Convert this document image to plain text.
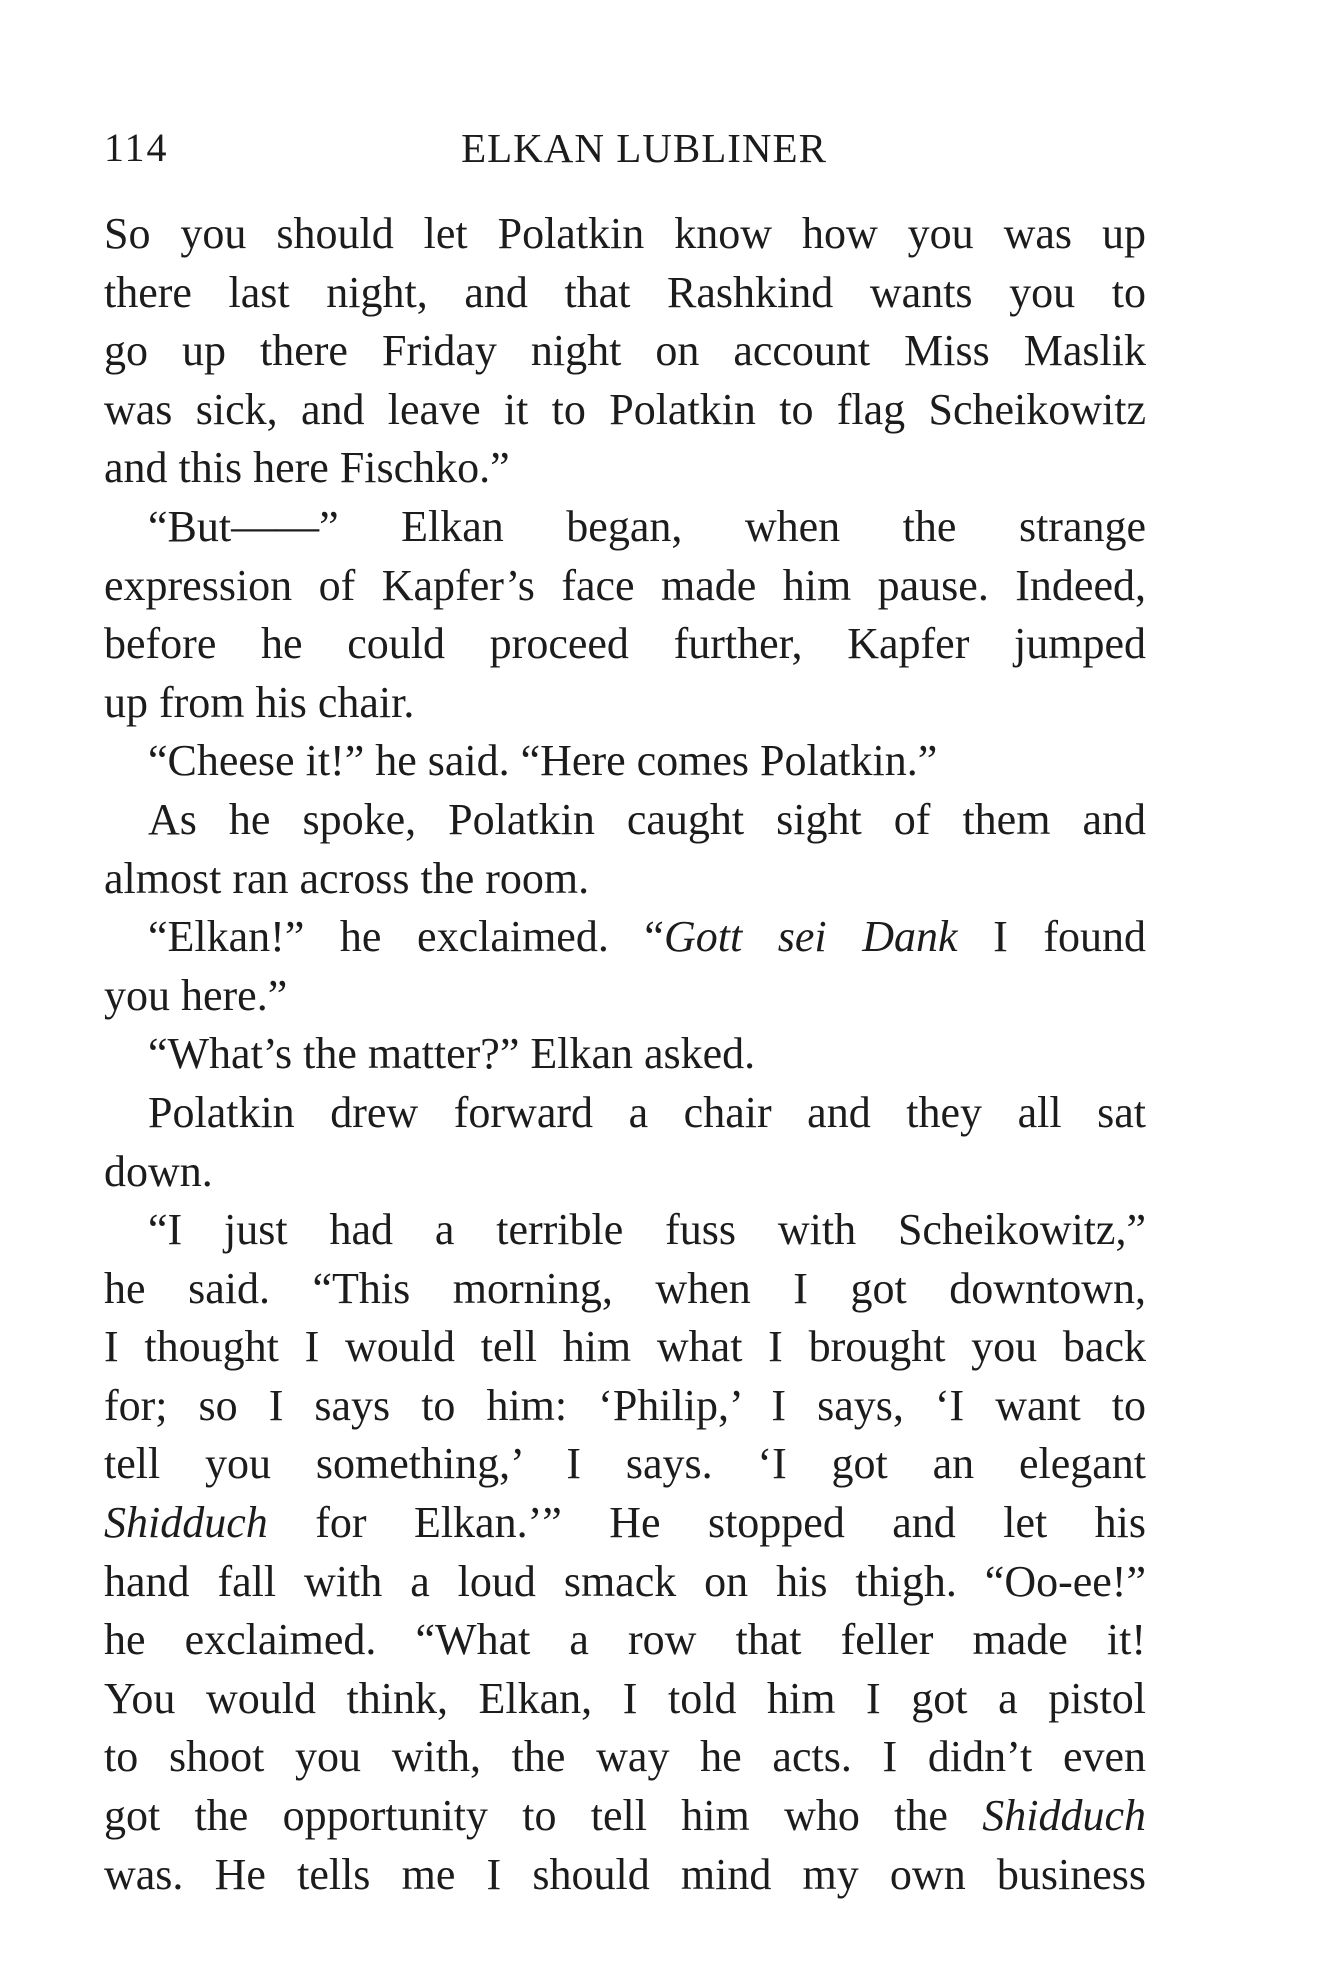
114	ELKAN LUBLINER
So you should let Polatkin know how you was up
there last night, and that Rashkind wants you to
go up there Friday night on account Miss Maslik
was sick, and leave it to Polatkin to flag Scheikowitz
and this here Fischko.”
“But——” Elkan began, when the strange
expression of Kapfer’s face made him pause. Indeed,
before he could proceed further, Kapfer jumped
up from his chair.
“Cheese it!” he said. “Here comes Polatkin.”
As he spoke, Polatkin caught sight of them and
almost ran across the room.
“Elkan!” he exclaimed. “Gott sei Dank I found
you here.”
“What’s the matter?” Elkan asked.
Polatkin drew forward a chair and they all sat
down.
“I just had a terrible fuss with Scheikowitz,”
he said. “This morning, when I got downtown,
I thought I would tell him what I brought you back
for; so I says to him: ‘Philip,’ I says, ‘I want to
tell you something,’ I says. ‘I got an elegant
Shidduch for Elkan.’” He stopped and let his
hand fall with a loud smack on his thigh. “Oo-ee!”
he exclaimed. “What a row that feller made it!
You would think, Elkan, I told him I got a pistol
to shoot you with, the way he acts. I didn’t even
got the opportunity to tell him who the Shidduch
was. He tells me I should mind my own business
